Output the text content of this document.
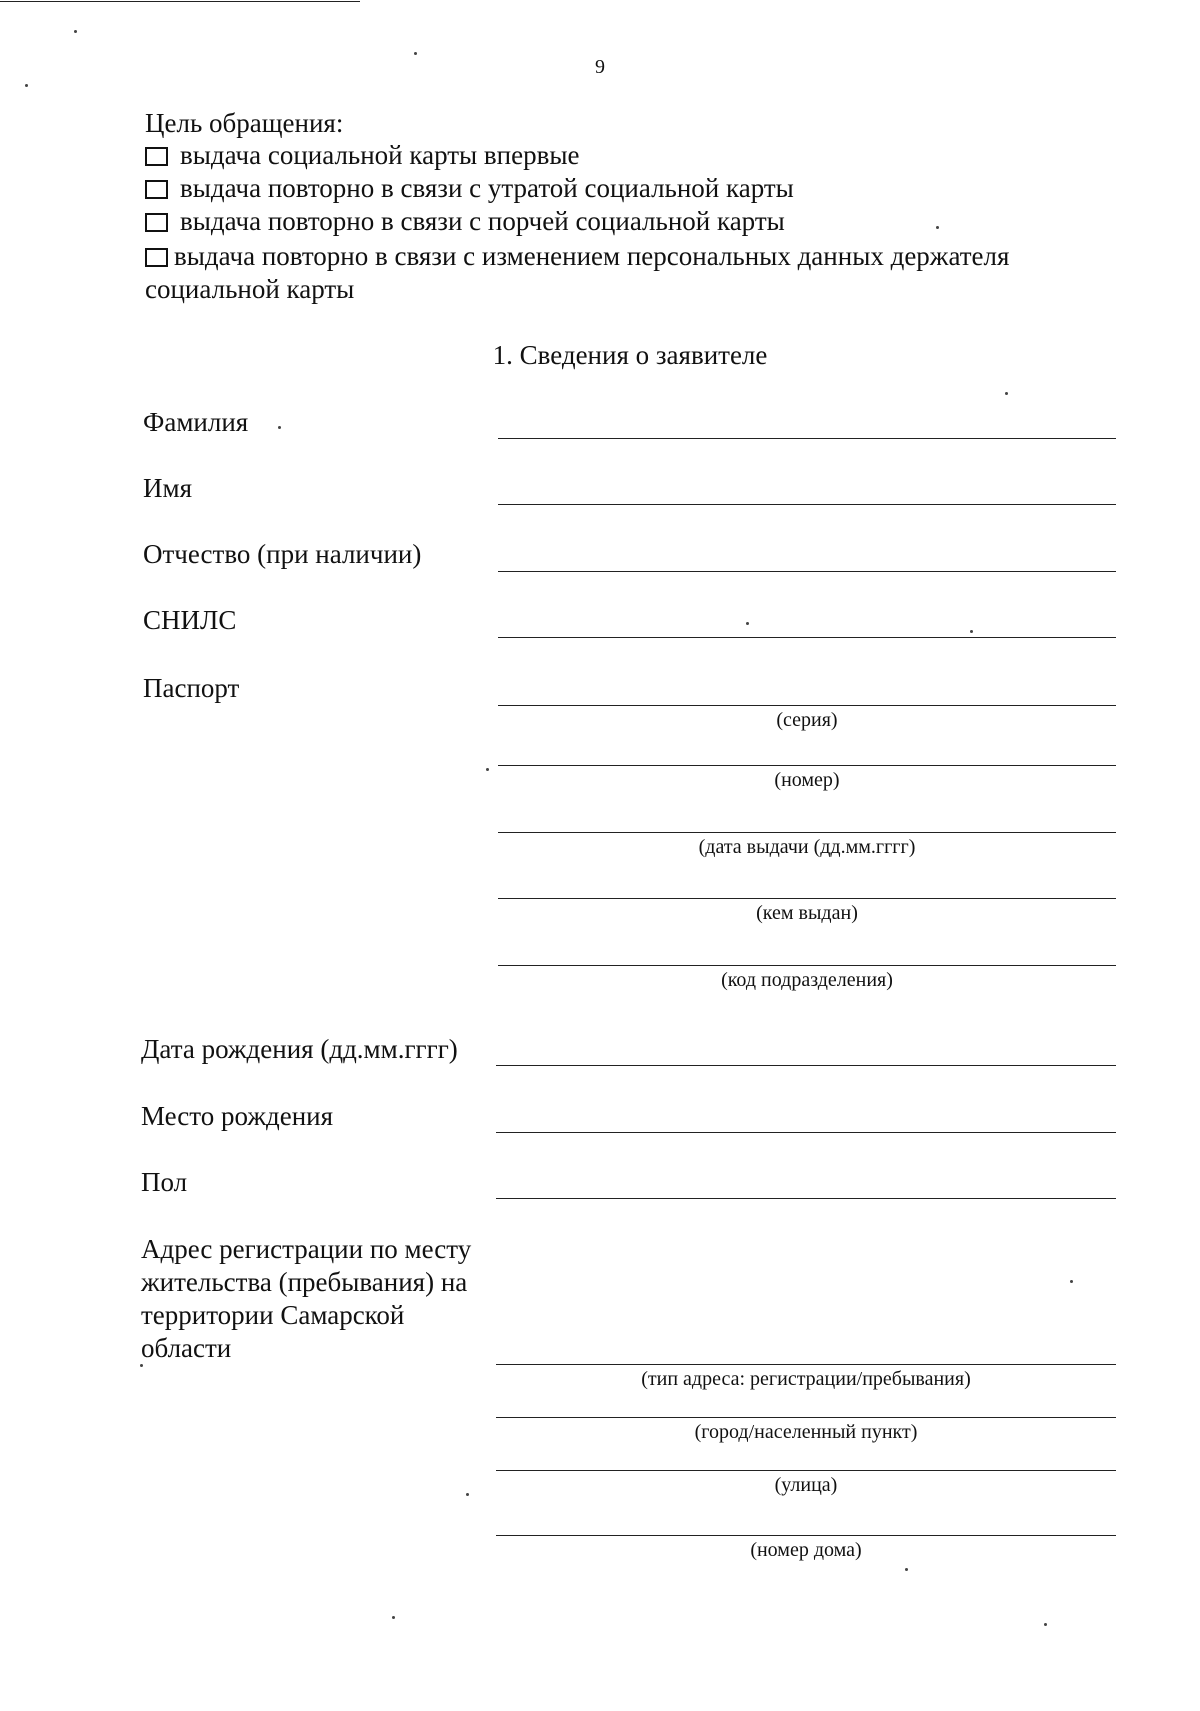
9
Цель обращения:
выдача социальной карты впервые
выдача повторно в связи с утратой социальной карты
выдача повторно в связи с порчей социальной карты
выдача повторно в связи с изменением персональных данных держателя
социальной карты
1. Сведения о заявителе
Фамилия
Имя
Отчество (при наличии)
СНИЛС
Паспорт
Дата рождения (дд.мм.гггг)
Место рождения
Пол
Адрес регистрации по месту
жительства (пребывания) на
территории Самарской
области
(серия)
(номер)
(дата выдачи (дд.мм.гггг)
(кем выдан)
(код подразделения)
(тип адреса: регистрации/пребывания)
(город/населенный пункт)
(улица)
(номер дома)
